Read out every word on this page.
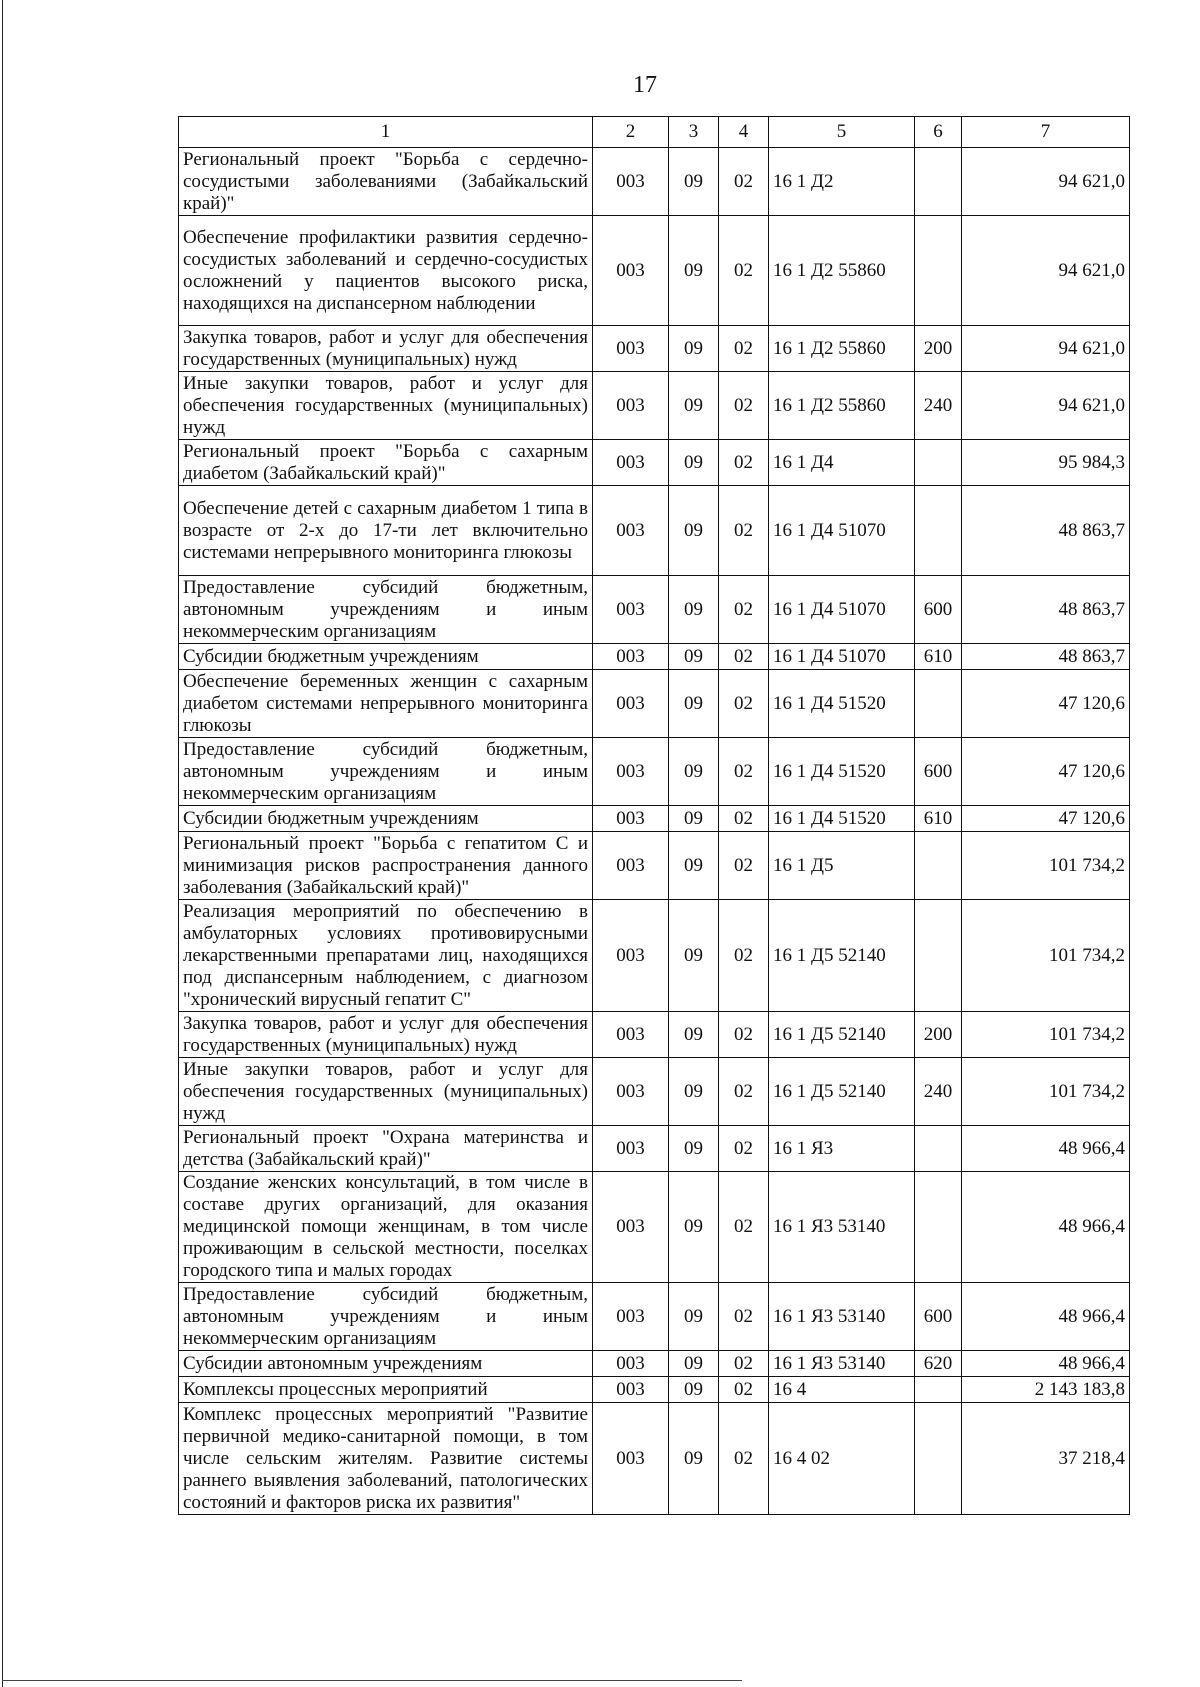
17
1	2	3	4	5	6	7
Региональный проект "Борьба с сердечно-сосудистыми заболеваниями (Забайкальский край)"	003	09	02	16 1 Д2		94 621,0
Обеспечение профилактики развития сердечно-сосудистых заболеваний и сердечно-сосудистых осложнений у пациентов высокого риска, находящихся на диспансерном наблюдении	003	09	02	16 1 Д2 55860		94 621,0
Закупка товаров, работ и услуг для обеспечения государственных (муниципальных) нужд	003	09	02	16 1 Д2 55860	200	94 621,0
Иные закупки товаров, работ и услуг для обеспечения государственных (муниципальных) нужд	003	09	02	16 1 Д2 55860	240	94 621,0
Региональный проект "Борьба с сахарным диабетом (Забайкальский край)"	003	09	02	16 1 Д4		95 984,3
Обеспечение детей с сахарным диабетом 1 типа в возрасте от 2-х до 17-ти лет включительно системами непрерывного мониторинга глюкозы	003	09	02	16 1 Д4 51070		48 863,7
Предоставление субсидий бюджетным, автономным учреждениям и иным некоммерческим организациям	003	09	02	16 1 Д4 51070	600	48 863,7
Субсидии бюджетным учреждениям	003	09	02	16 1 Д4 51070	610	48 863,7
Обеспечение беременных женщин с сахарным диабетом системами непрерывного мониторинга глюкозы	003	09	02	16 1 Д4 51520		47 120,6
Предоставление субсидий бюджетным, автономным учреждениям и иным некоммерческим организациям	003	09	02	16 1 Д4 51520	600	47 120,6
Субсидии бюджетным учреждениям	003	09	02	16 1 Д4 51520	610	47 120,6
Региональный проект "Борьба с гепатитом С и минимизация рисков распространения данного заболевания (Забайкальский край)"	003	09	02	16 1 Д5		101 734,2
Реализация мероприятий по обеспечению в амбулаторных условиях противовирусными лекарственными препаратами лиц, находящихся под диспансерным наблюдением, с диагнозом "хронический вирусный гепатит С"	003	09	02	16 1 Д5 52140		101 734,2
Закупка товаров, работ и услуг для обеспечения государственных (муниципальных) нужд	003	09	02	16 1 Д5 52140	200	101 734,2
Иные закупки товаров, работ и услуг для обеспечения государственных (муниципальных) нужд	003	09	02	16 1 Д5 52140	240	101 734,2
Региональный проект "Охрана материнства и детства (Забайкальский край)"	003	09	02	16 1 Я3		48 966,4
Создание женских консультаций, в том числе в составе других организаций, для оказания медицинской помощи женщинам, в том числе проживающим в сельской местности, поселках городского типа и малых городах	003	09	02	16 1 Я3 53140		48 966,4
Предоставление субсидий бюджетным, автономным учреждениям и иным некоммерческим организациям	003	09	02	16 1 Я3 53140	600	48 966,4
Субсидии автономным учреждениям	003	09	02	16 1 Я3 53140	620	48 966,4
Комплексы процессных мероприятий	003	09	02	16 4		2 143 183,8
Комплекс процессных мероприятий "Развитие первичной медико-санитарной помощи, в том числе сельским жителям. Развитие системы раннего выявления заболеваний, патологических состояний и факторов риска их развития"	003	09	02	16 4 02		37 218,4
